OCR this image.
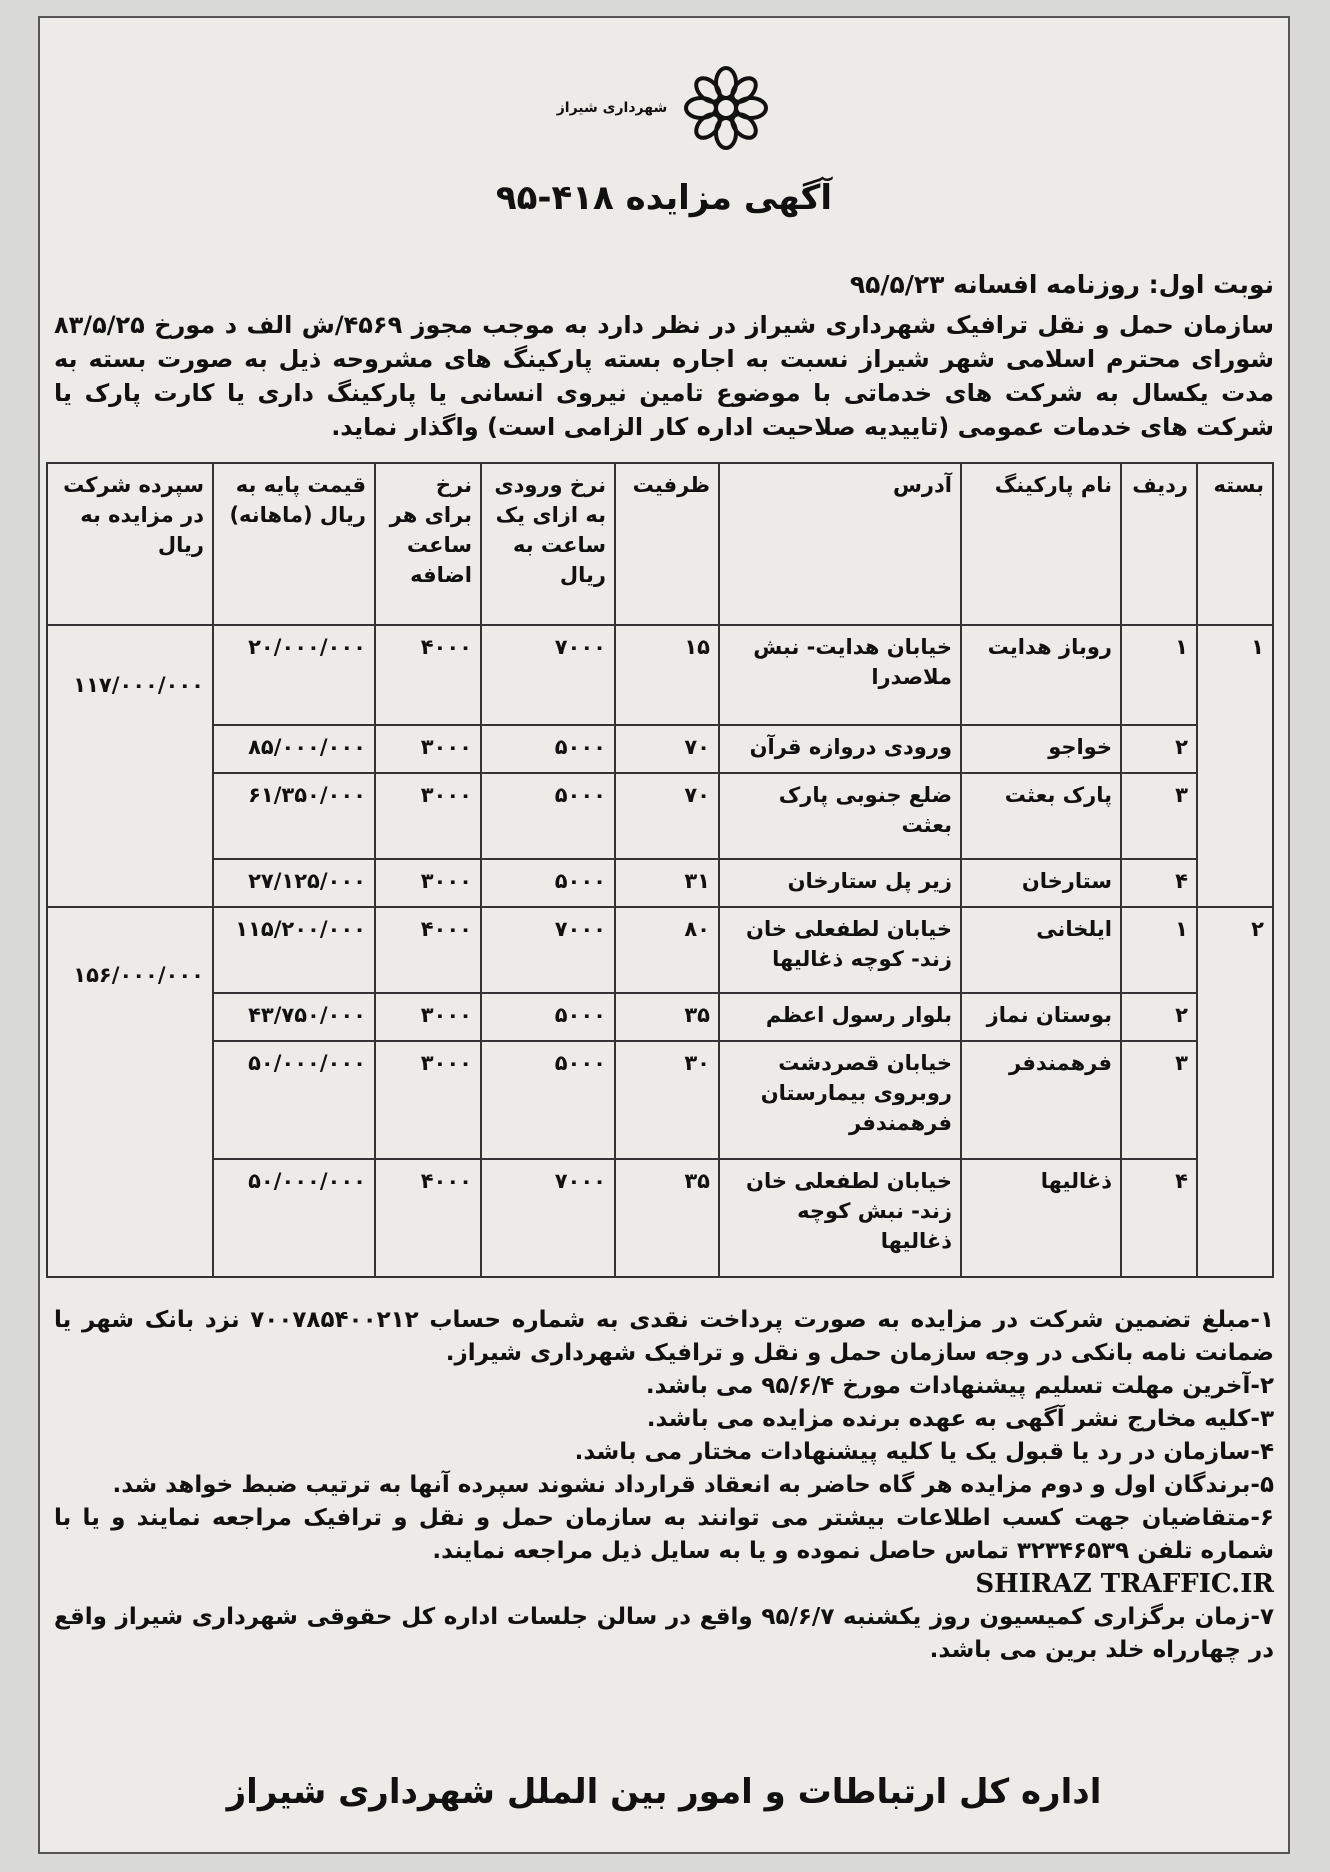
شهرداری شیراز
آگهی مزایده ۴۱۸-۹۵
نوبت اول: روزنامه افسانه ۹۵/۵/۲۳
سازمان حمل و نقل ترافیک شهرداری شیراز در نظر دارد به موجب مجوز ۴۵۶۹/ش الف د مورخ ۸۳/۵/۲۵ شورای محترم اسلامی شهر شیراز نسبت به اجاره بسته پارکینگ های مشروحه ذیل به صورت بسته به مدت یکسال به شرکت های خدماتی با موضوع تامین نیروی انسانی یا پارکینگ داری یا کارت پارک یا شرکت های خدمات عمومی (تاییدیه صلاحیت اداره کار الزامی است) واگذار نماید.
بسته	ردیف	نام پارکینگ	آدرس	ظرفیت	نرخ ورودی به ازای یک ساعت به ریال	نرخ برای هر ساعت اضافه	قیمت پایه به ریال (ماهانه)	سپرده شرکت در مزایده به ریال
۱	۱	روباز هدایت	خیابان هدایت- نبش ملاصدرا	۱۵	۷۰۰۰	۴۰۰۰	۲۰/۰۰۰/۰۰۰	۱۱۷/۰۰۰/۰۰۰
	۲	خواجو	ورودی دروازه قرآن	۷۰	۵۰۰۰	۳۰۰۰	۸۵/۰۰۰/۰۰۰	
	۳	پارک بعثت	ضلع جنوبی پارک بعثت	۷۰	۵۰۰۰	۳۰۰۰	۶۱/۳۵۰/۰۰۰	
	۴	ستارخان	زیر پل ستارخان	۳۱	۵۰۰۰	۳۰۰۰	۲۷/۱۲۵/۰۰۰	
۲	۱	ایلخانی	خیابان لطفعلی خان زند- کوچه ذغالیها	۸۰	۷۰۰۰	۴۰۰۰	۱۱۵/۲۰۰/۰۰۰	۱۵۶/۰۰۰/۰۰۰
	۲	بوستان نماز	بلوار رسول اعظم	۳۵	۵۰۰۰	۳۰۰۰	۴۳/۷۵۰/۰۰۰	
	۳	فرهمندفر	خیابان قصردشت روبروی بیمارستان فرهمندفر	۳۰	۵۰۰۰	۳۰۰۰	۵۰/۰۰۰/۰۰۰	
	۴	ذغالیها	خیابان لطفعلی خان زند- نبش کوچه ذغالیها	۳۵	۷۰۰۰	۴۰۰۰	۵۰/۰۰۰/۰۰۰	

۱-مبلغ تضمین شرکت در مزایده به صورت پرداخت نقدی به شماره حساب ۷۰۰۷۸۵۴۰۰۲۱۲ نزد بانک شهر یا ضمانت نامه بانکی در وجه سازمان حمل و نقل و ترافیک شهرداری شیراز.

۲-آخرین مهلت تسلیم پیشنهادات مورخ ۹۵/۶/۴ می باشد.

۳-کلیه مخارج نشر آگهی به عهده برنده مزایده می باشد.

۴-سازمان در رد یا قبول یک یا کلیه پیشنهادات مختار می باشد.

۵-برندگان اول و دوم مزایده هر گاه حاضر به انعقاد قرارداد نشوند سپرده آنها به ترتیب ضبط خواهد شد.

۶-متقاضیان جهت کسب اطلاعات بیشتر می توانند به سازمان حمل و نقل و ترافیک مراجعه نمایند و یا با شماره تلفن ۳۲۳۴۶۵۳۹ تماس حاصل نموده و یا به سایل ذیل مراجعه نمایند.

SHIRAZ TRAFFIC.IR

۷-زمان برگزاری کمیسیون روز یکشنبه ۹۵/۶/۷ واقع در سالن جلسات اداره کل حقوقی شهرداری شیراز واقع در چهارراه خلد برین می باشد.

اداره کل ارتباطات و امور بین الملل شهرداری شیراز
